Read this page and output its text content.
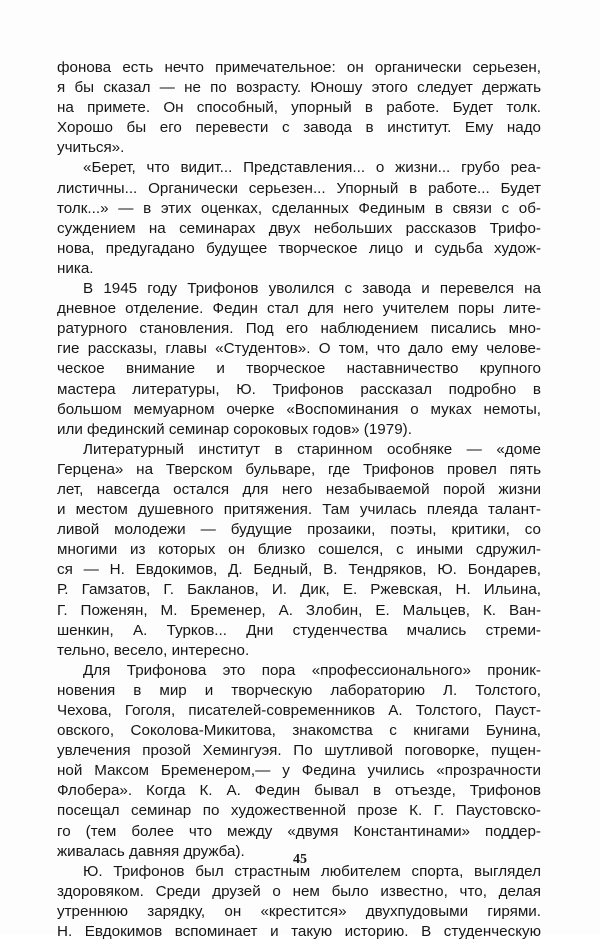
фонова есть нечто примечательное: он органически серьезен,
я бы сказал — не по возрасту. Юношу этого следует держать
на примете. Он способный, упорный в работе. Будет толк.
Хорошо бы его перевести с завода в институт. Ему надо
учиться».
«Берет, что видит... Представления... о жизни... грубо реа-
листичны... Органически серьезен... Упорный в работе... Будет
толк...» — в этих оценках, сделанных Фединым в связи с об-
суждением на семинарах двух небольших рассказов Трифо-
нова, предугадано будущее творческое лицо и судьба худож-
ника.
В 1945 году Трифонов уволился с завода и перевелся на
дневное отделение. Федин стал для него учителем поры лите-
ратурного становления. Под его наблюдением писались мно-
гие рассказы, главы «Студентов». О том, что дало ему челове-
ческое внимание и творческое наставничество крупного
мастера литературы, Ю. Трифонов рассказал подробно в
большом мемуарном очерке «Воспоминания о муках немоты,
или фединский семинар сороковых годов» (1979).
Литературный институт в старинном особняке — «доме
Герцена» на Тверском бульваре, где Трифонов провел пять
лет, навсегда остался для него незабываемой порой жизни
и местом душевного притяжения. Там училась плеяда талант-
ливой молодежи — будущие прозаики, поэты, критики, со
многими из которых он близко сошелся, с иными сдружил-
ся — Н. Евдокимов, Д. Бедный, В. Тендряков, Ю. Бондарев,
Р. Гамзатов, Г. Бакланов, И. Дик, Е. Ржевская, Н. Ильина,
Г. Поженян, М. Бременер, А. Злобин, Е. Мальцев, К. Ван-
шенкин, А. Турков... Дни студенчества мчались стреми-
тельно, весело, интересно.
Для Трифонова это пора «профессионального» проник-
новения в мир и творческую лабораторию Л. Толстого,
Чехова, Гоголя, писателей-современников А. Толстого, Пауст-
овского, Соколова-Микитова, знакомства с книгами Бунина,
увлечения прозой Хемингуэя. По шутливой поговорке, пущен-
ной Максом Бременером,— у Федина учились «прозрачности
Флобера». Когда К. А. Федин бывал в отъезде, Трифонов
посещал семинар по художественной прозе К. Г. Паустовско-
го (тем более что между «двумя Константинами» поддер-
живалась давняя дружба).
Ю. Трифонов был страстным любителем спорта, выглядел
здоровяком. Среди друзей о нем было известно, что, делая
утреннюю зарядку, он «крестится» двухпудовыми гирями.
Н. Евдокимов вспоминает и такую историю. В студенческую
45
